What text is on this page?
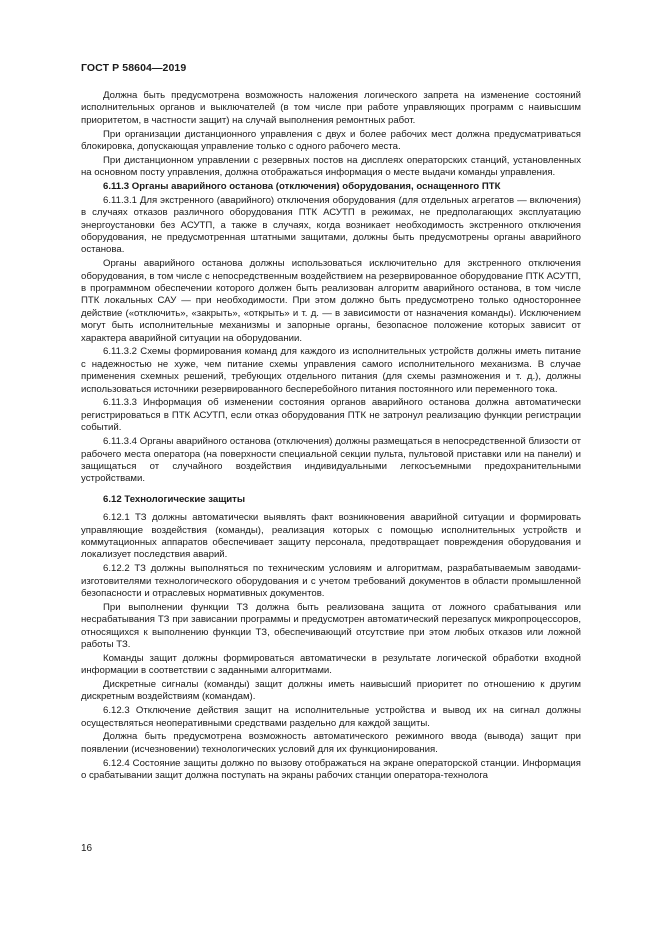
ГОСТ Р 58604—2019
Должна быть предусмотрена возможность наложения логического запрета на изменение состояний исполнительных органов и выключателей (в том числе при работе управляющих программ с наивысшим приоритетом, в частности защит) на случай выполнения ремонтных работ.
При организации дистанционного управления с двух и более рабочих мест должна предусматриваться блокировка, допускающая управление только с одного рабочего места.
При дистанционном управлении с резервных постов на дисплеях операторских станций, установленных на основном посту управления, должна отображаться информация о месте выдачи команды управления.
6.11.3 Органы аварийного останова (отключения) оборудования, оснащенного ПТК
6.11.3.1 Для экстренного (аварийного) отключения оборудования (для отдельных агрегатов — включения) в случаях отказов различного оборудования ПТК АСУТП в режимах, не предполагающих эксплуатацию энергоустановки без АСУТП, а также в случаях, когда возникает необходимость экстренного отключения оборудования, не предусмотренная штатными защитами, должны быть предусмотрены органы аварийного останова.
Органы аварийного останова должны использоваться исключительно для экстренного отключения оборудования, в том числе с непосредственным воздействием на резервированное оборудование ПТК АСУТП, в программном обеспечении которого должен быть реализован алгоритм аварийного останова, в том числе ПТК локальных САУ — при необходимости. При этом должно быть предусмотрено только одностороннее действие («отключить», «закрыть», «открыть» и т. д. — в зависимости от назначения команды). Исключением могут быть исполнительные механизмы и запорные органы, безопасное положение которых зависит от характера аварийной ситуации на оборудовании.
6.11.3.2 Схемы формирования команд для каждого из исполнительных устройств должны иметь питание с надежностью не хуже, чем питание схемы управления самого исполнительного механизма. В случае применения схемных решений, требующих отдельного питания (для схемы размножения и т. д.), должны использоваться источники резервированного бесперебойного питания постоянного или переменного тока.
6.11.3.3 Информация об изменении состояния органов аварийного останова должна автоматически регистрироваться в ПТК АСУТП, если отказ оборудования ПТК не затронул реализацию функции регистрации событий.
6.11.3.4 Органы аварийного останова (отключения) должны размещаться в непосредственной близости от рабочего места оператора (на поверхности специальной секции пульта, пультовой приставки или на панели) и защищаться от случайного воздействия индивидуальными легкосъемными предохранительными устройствами.
6.12 Технологические защиты
6.12.1 ТЗ должны автоматически выявлять факт возникновения аварийной ситуации и формировать управляющие воздействия (команды), реализация которых с помощью исполнительных устройств и коммутационных аппаратов обеспечивает защиту персонала, предотвращает повреждения оборудования и локализует последствия аварий.
6.12.2 ТЗ должны выполняться по техническим условиям и алгоритмам, разрабатываемым заводами-изготовителями технологического оборудования и с учетом требований документов в области промышленной безопасности и отраслевых нормативных документов.
При выполнении функции ТЗ должна быть реализована защита от ложного срабатывания или несрабатывания ТЗ при зависании программы и предусмотрен автоматический перезапуск микропроцессоров, относящихся к выполнению функции ТЗ, обеспечивающий отсутствие при этом любых отказов или ложной работы ТЗ.
Команды защит должны формироваться автоматически в результате логической обработки входной информации в соответствии с заданными алгоритмами.
Дискретные сигналы (команды) защит должны иметь наивысший приоритет по отношению к другим дискретным воздействиям (командам).
6.12.3 Отключение действия защит на исполнительные устройства и вывод их на сигнал должны осуществляться неоперативными средствами раздельно для каждой защиты.
Должна быть предусмотрена возможность автоматического режимного ввода (вывода) защит при появлении (исчезновении) технологических условий для их функционирования.
6.12.4 Состояние защиты должно по вызову отображаться на экране операторской станции. Информация о срабатывании защит должна поступать на экраны рабочих станции оператора-технолога
16
